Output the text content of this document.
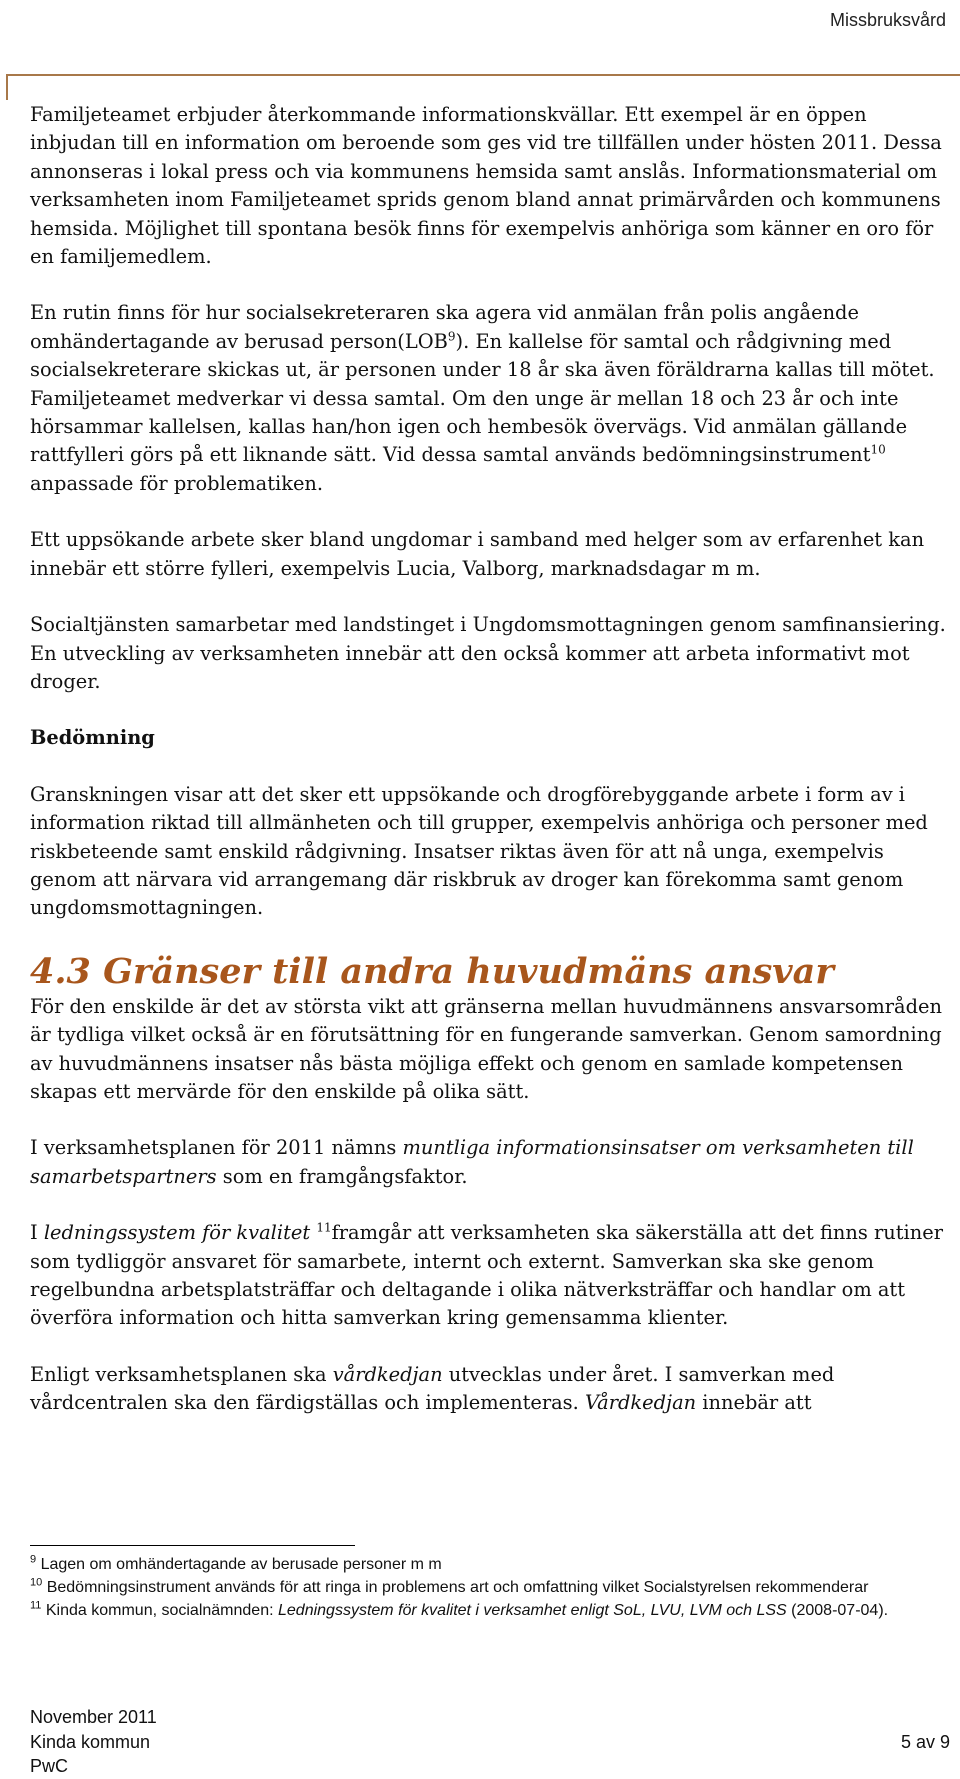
Missbruksvård

Familjeteamet erbjuder återkommande informationskvällar. Ett exempel är en öppen inbjudan till en information om beroende som ges vid tre tillfällen under hösten 2011. Dessa annonseras i lokal press och via kommunens hemsida samt anslås. Informationsmaterial om verksamheten inom Familjeteamet sprids genom bland annat primärvården och kommunens hemsida. Möjlighet till spontana besök finns för exempelvis anhöriga som känner en oro för en familjemedlem.

En rutin finns för hur socialsekreteraren ska agera vid anmälan från polis angående omhändertagande av berusad person(LOB$^9$). En kallelse för samtal och rådgivning med socialsekreterare skickas ut, är personen under 18 år ska även föräldrarna kallas till mötet. Familjeteamet medverkar vi dessa samtal. Om den unge är mellan 18 och 23 år och inte hörsammar kallelsen, kallas han/hon igen och hembesök övervägs. Vid anmälan gällande rattfylleri görs på ett liknande sätt. Vid dessa samtal används bedömningsinstrument$^{10}$ anpassade för problematiken.

Ett uppsökande arbete sker bland ungdomar i samband med helger som av erfarenhet kan innebär ett större fylleri, exempelvis Lucia, Valborg, marknadsdagar m m.

Socialtjänsten samarbetar med landstinget i Ungdomsmottagningen genom samfinansiering. En utveckling av verksamheten innebär att den också kommer att arbeta informativt mot droger.

Bedömning

Granskningen visar att det sker ett uppsökande och drogförebyggande arbete i form av i information riktad till allmänheten och till grupper, exempelvis anhöriga och personer med riskbeteende samt enskild rådgivning. Insatser riktas även för att nå unga, exempelvis genom att närvara vid arrangemang där riskbruk av droger kan förekomma samt genom ungdomsmottagningen.

4.3 Gränser till andra huvudmäns ansvar

För den enskilde är det av största vikt att gränserna mellan huvudmännens ansvarsområden är tydliga vilket också är en förutsättning för en fungerande samverkan. Genom samordning av huvudmännens insatser nås bästa möjliga effekt och genom en samlade kompetensen skapas ett mervärde för den enskilde på olika sätt.

I verksamhetsplanen för 2011 nämns muntliga informationsinsatser om verksamheten till samarbetspartners som en framgångsfaktor.

I ledningssystem för kvalitet $^{11}$framgår att verksamheten ska säkerställa att det finns rutiner som tydliggör ansvaret för samarbete, internt och externt. Samverkan ska ske genom regelbundna arbetsplatsträffar och deltagande i olika nätverksträffar och handlar om att överföra information och hitta samverkan kring gemensamma klienter.

Enligt verksamhetsplanen ska vårdkedjan utvecklas under året. I samverkan med vårdcentralen ska den färdigställas och implementeras. Vårdkedjan innebär att

$^9$ Lagen om omhändertagande av berusade personer m m

$^{10}$ Bedömningsinstrument används för att ringa in problemens art och omfattning vilket Socialstyrelsen rekommenderar

$^{11}$ Kinda kommun, socialnämnden: Ledningssystem för kvalitet i verksamhet enligt SoL, LVU, LVM och LSS (2008-07-04).

November 2011
Kinda kommun
PwC
5 av 9
